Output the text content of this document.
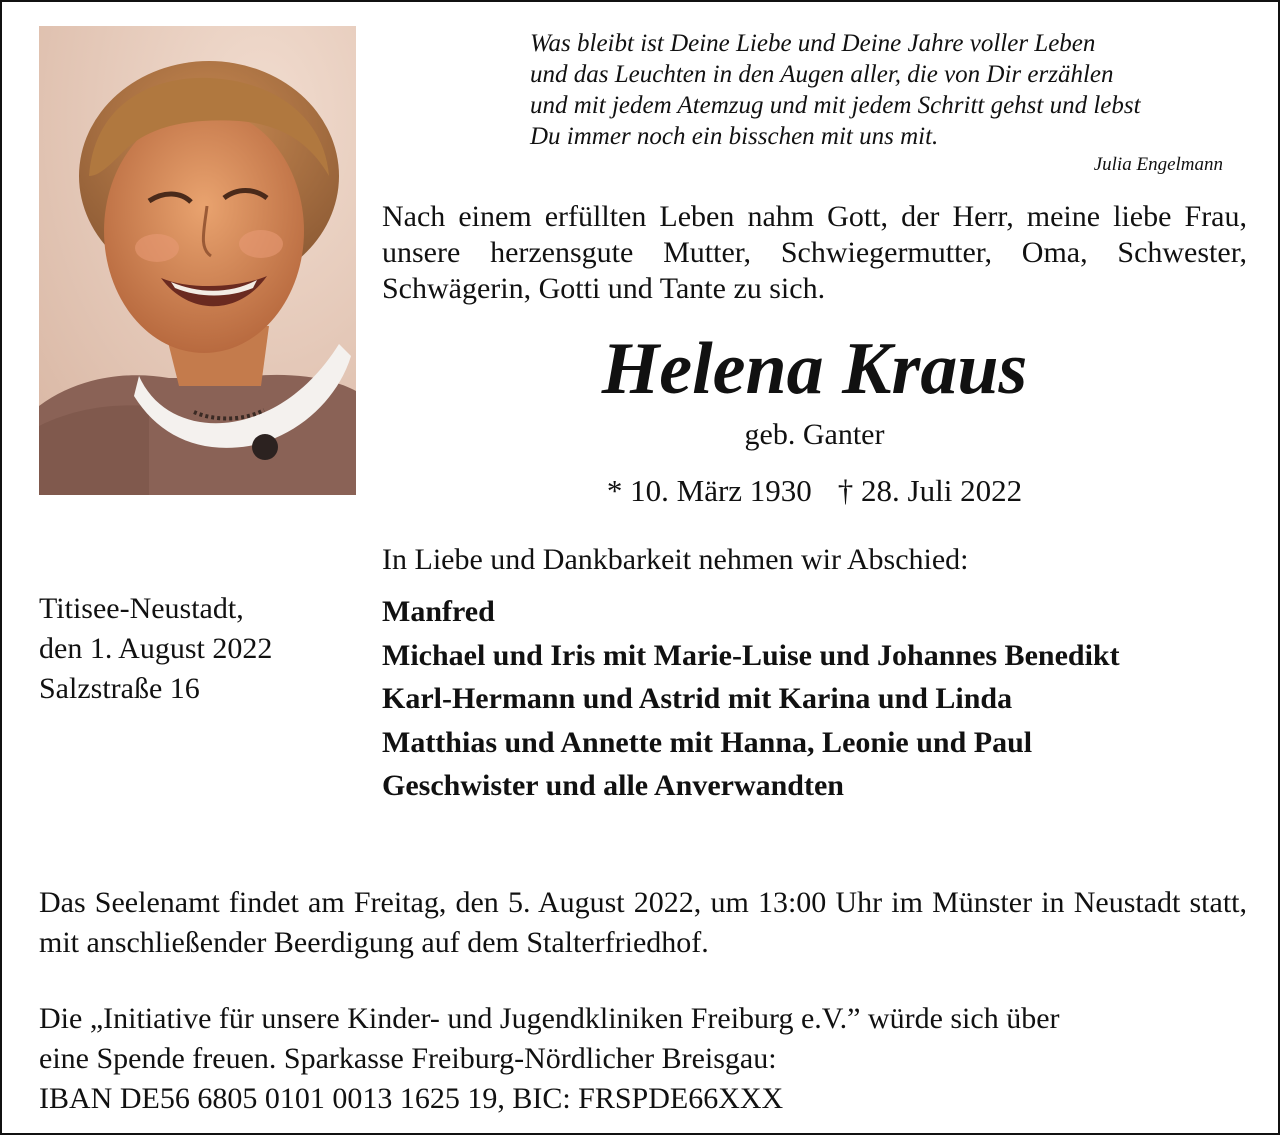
Was bleibt ist Deine Liebe und Deine Jahre voller Leben
und das Leuchten in den Augen aller, die von Dir erzählen
und mit jedem Atemzug und mit jedem Schritt gehst und lebst
Du immer noch ein bisschen mit uns mit.
Julia Engelmann
Nach einem erfüllten Leben nahm Gott, der Herr, meine liebe Frau, unsere herzensgute Mutter, Schwiegermutter, Oma, Schwester, Schwägerin, Gotti und Tante zu sich.
Helena Kraus
geb. Ganter
* 10. März 1930 † 28. Juli 2022
In Liebe und Dankbarkeit nehmen wir Abschied:
Manfred
Michael und Iris mit Marie-Luise und Johannes Benedikt
Karl-Hermann und Astrid mit Karina und Linda
Matthias und Annette mit Hanna, Leonie und Paul
Geschwister und alle Anverwandten
Titisee-Neustadt,
den 1. August 2022
Salzstraße 16
Das Seelenamt findet am Freitag, den 5. August 2022, um 13:00 Uhr im Münster in Neustadt statt, mit anschließender Beerdigung auf dem Stalterfriedhof.
Die „Initiative für unsere Kinder- und Jugendkliniken Freiburg e.V.” würde sich über
eine Spende freuen. Sparkasse Freiburg-Nördlicher Breisgau:
IBAN DE56 6805 0101 0013 1625 19, BIC: FRSPDE66XXX
